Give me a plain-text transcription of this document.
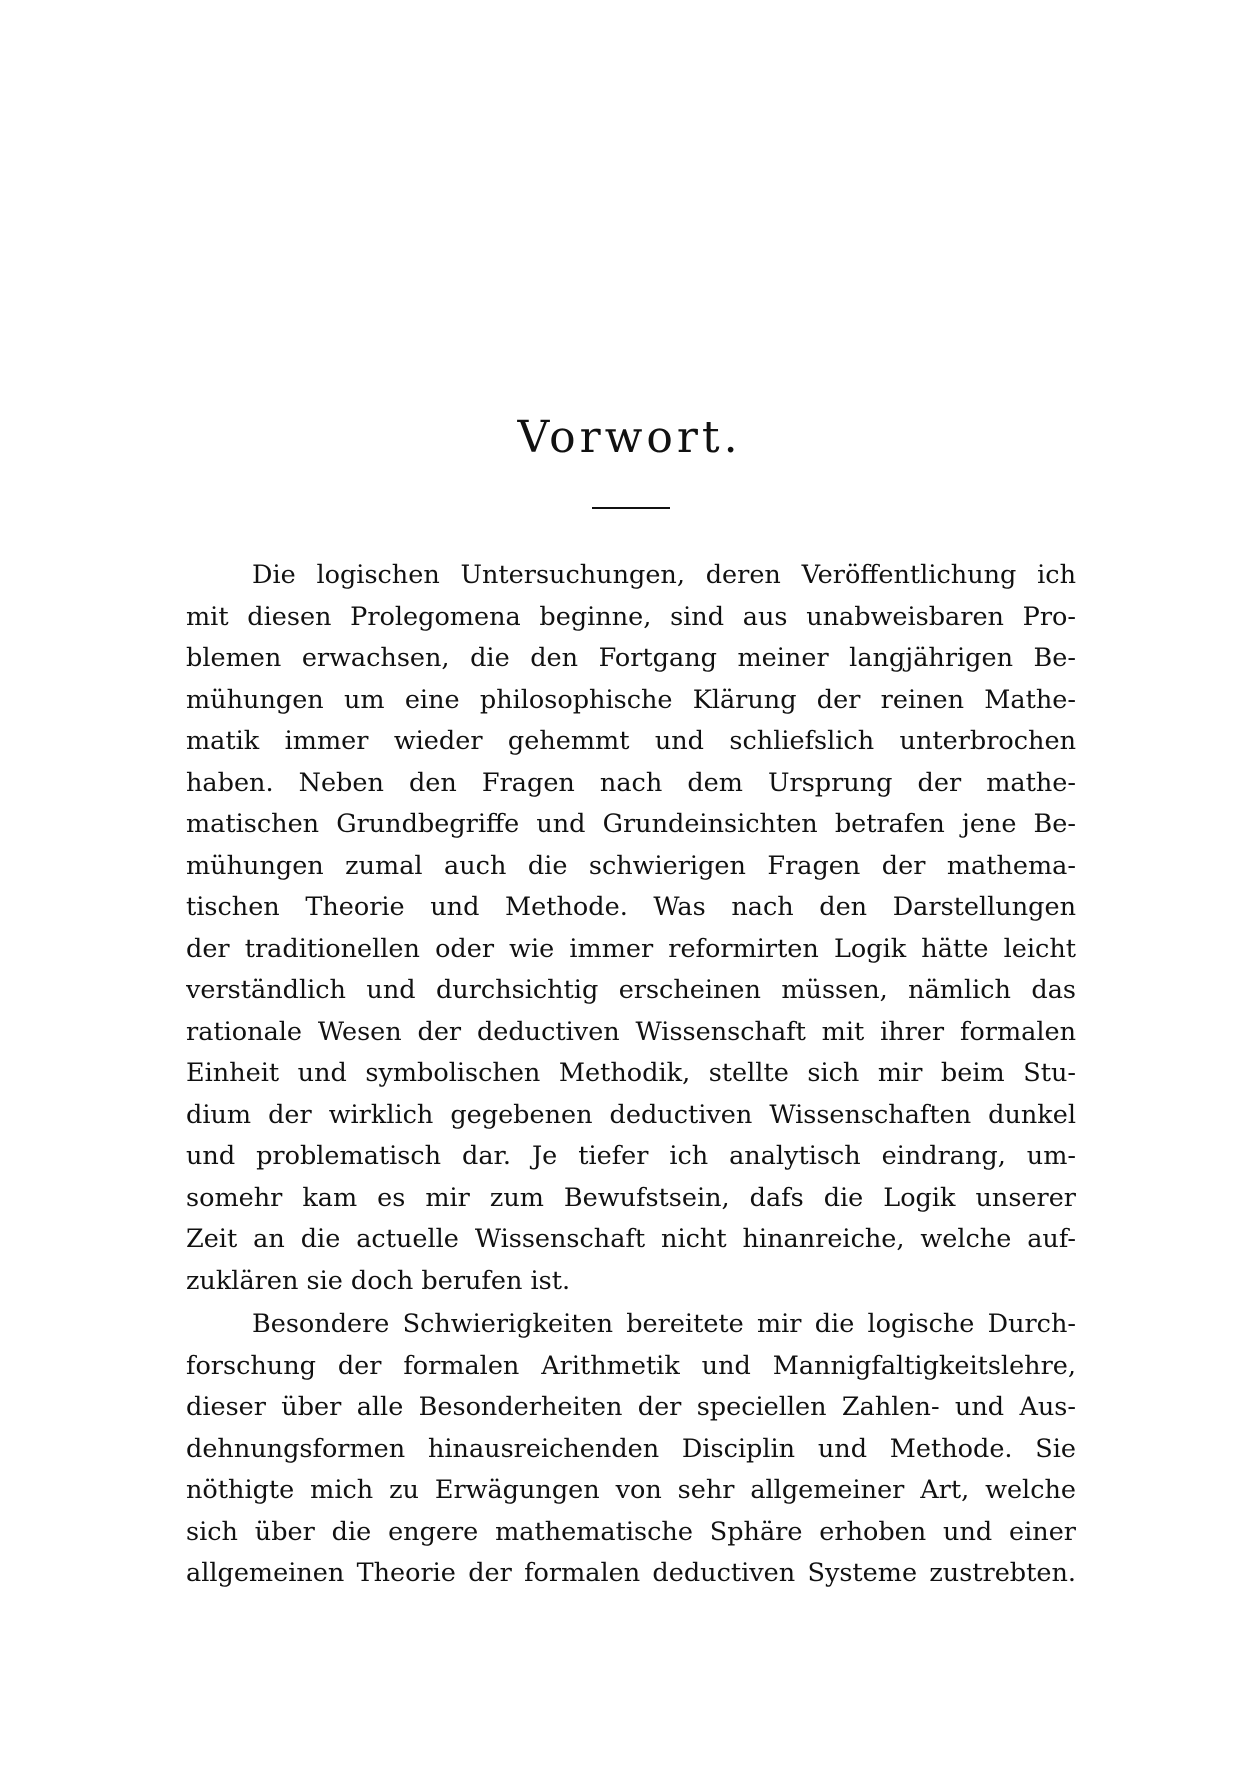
Vorwort.
Die logischen Untersuchungen, deren Veröffentlichung ich
mit diesen Prolegomena beginne, sind aus unabweisbaren Pro-
blemen erwachsen, die den Fortgang meiner langjährigen Be-
mühungen um eine philosophische Klärung der reinen Mathe-
matik immer wieder gehemmt und schliefslich unterbrochen
haben. Neben den Fragen nach dem Ursprung der mathe-
matischen Grundbegriffe und Grundeinsichten betrafen jene Be-
mühungen zumal auch die schwierigen Fragen der mathema-
tischen Theorie und Methode. Was nach den Darstellungen
der traditionellen oder wie immer reformirten Logik hätte leicht
verständlich und durchsichtig erscheinen müssen, nämlich das
rationale Wesen der deductiven Wissenschaft mit ihrer formalen
Einheit und symbolischen Methodik, stellte sich mir beim Stu-
dium der wirklich gegebenen deductiven Wissenschaften dunkel
und problematisch dar. Je tiefer ich analytisch eindrang, um-
somehr kam es mir zum Bewufstsein, dafs die Logik unserer
Zeit an die actuelle Wissenschaft nicht hinanreiche, welche auf-
zuklären sie doch berufen ist.
Besondere Schwierigkeiten bereitete mir die logische Durch-
forschung der formalen Arithmetik und Mannigfaltigkeitslehre,
dieser über alle Besonderheiten der speciellen Zahlen- und Aus-
dehnungsformen hinausreichenden Disciplin und Methode. Sie
nöthigte mich zu Erwägungen von sehr allgemeiner Art, welche
sich über die engere mathematische Sphäre erhoben und einer
allgemeinen Theorie der formalen deductiven Systeme zustrebten.
